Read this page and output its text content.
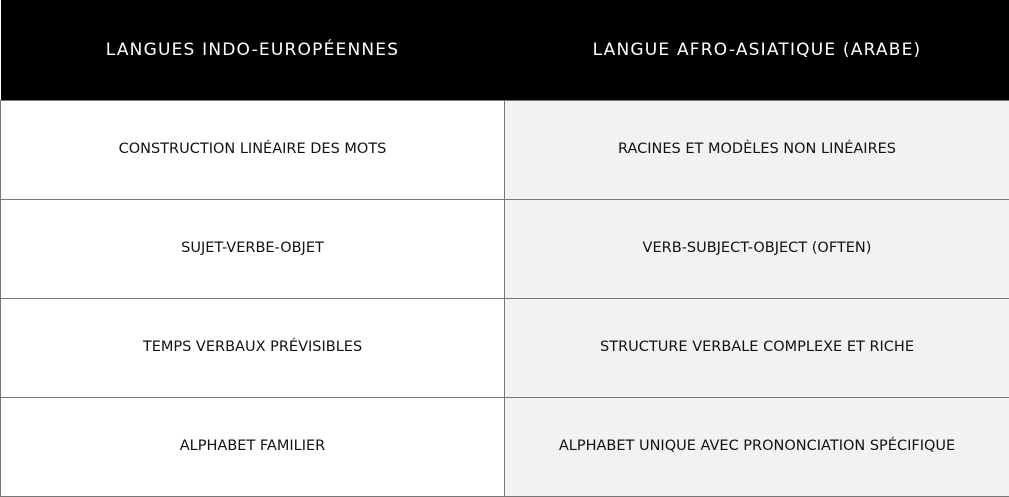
LANGUES INDO-EUROPÉENNES	LANGUE AFRO-ASIATIQUE (ARABE)
CONSTRUCTION LINÉAIRE DES MOTS	RACINES ET MODÈLES NON LINÉAIRES
SUJET-VERBE-OBJET	VERB-SUBJECT-OBJECT (OFTEN)
TEMPS VERBAUX PRÉVISIBLES	STRUCTURE VERBALE COMPLEXE ET RICHE
ALPHABET FAMILIER	ALPHABET UNIQUE AVEC PRONONCIATION SPÉCIFIQUE
